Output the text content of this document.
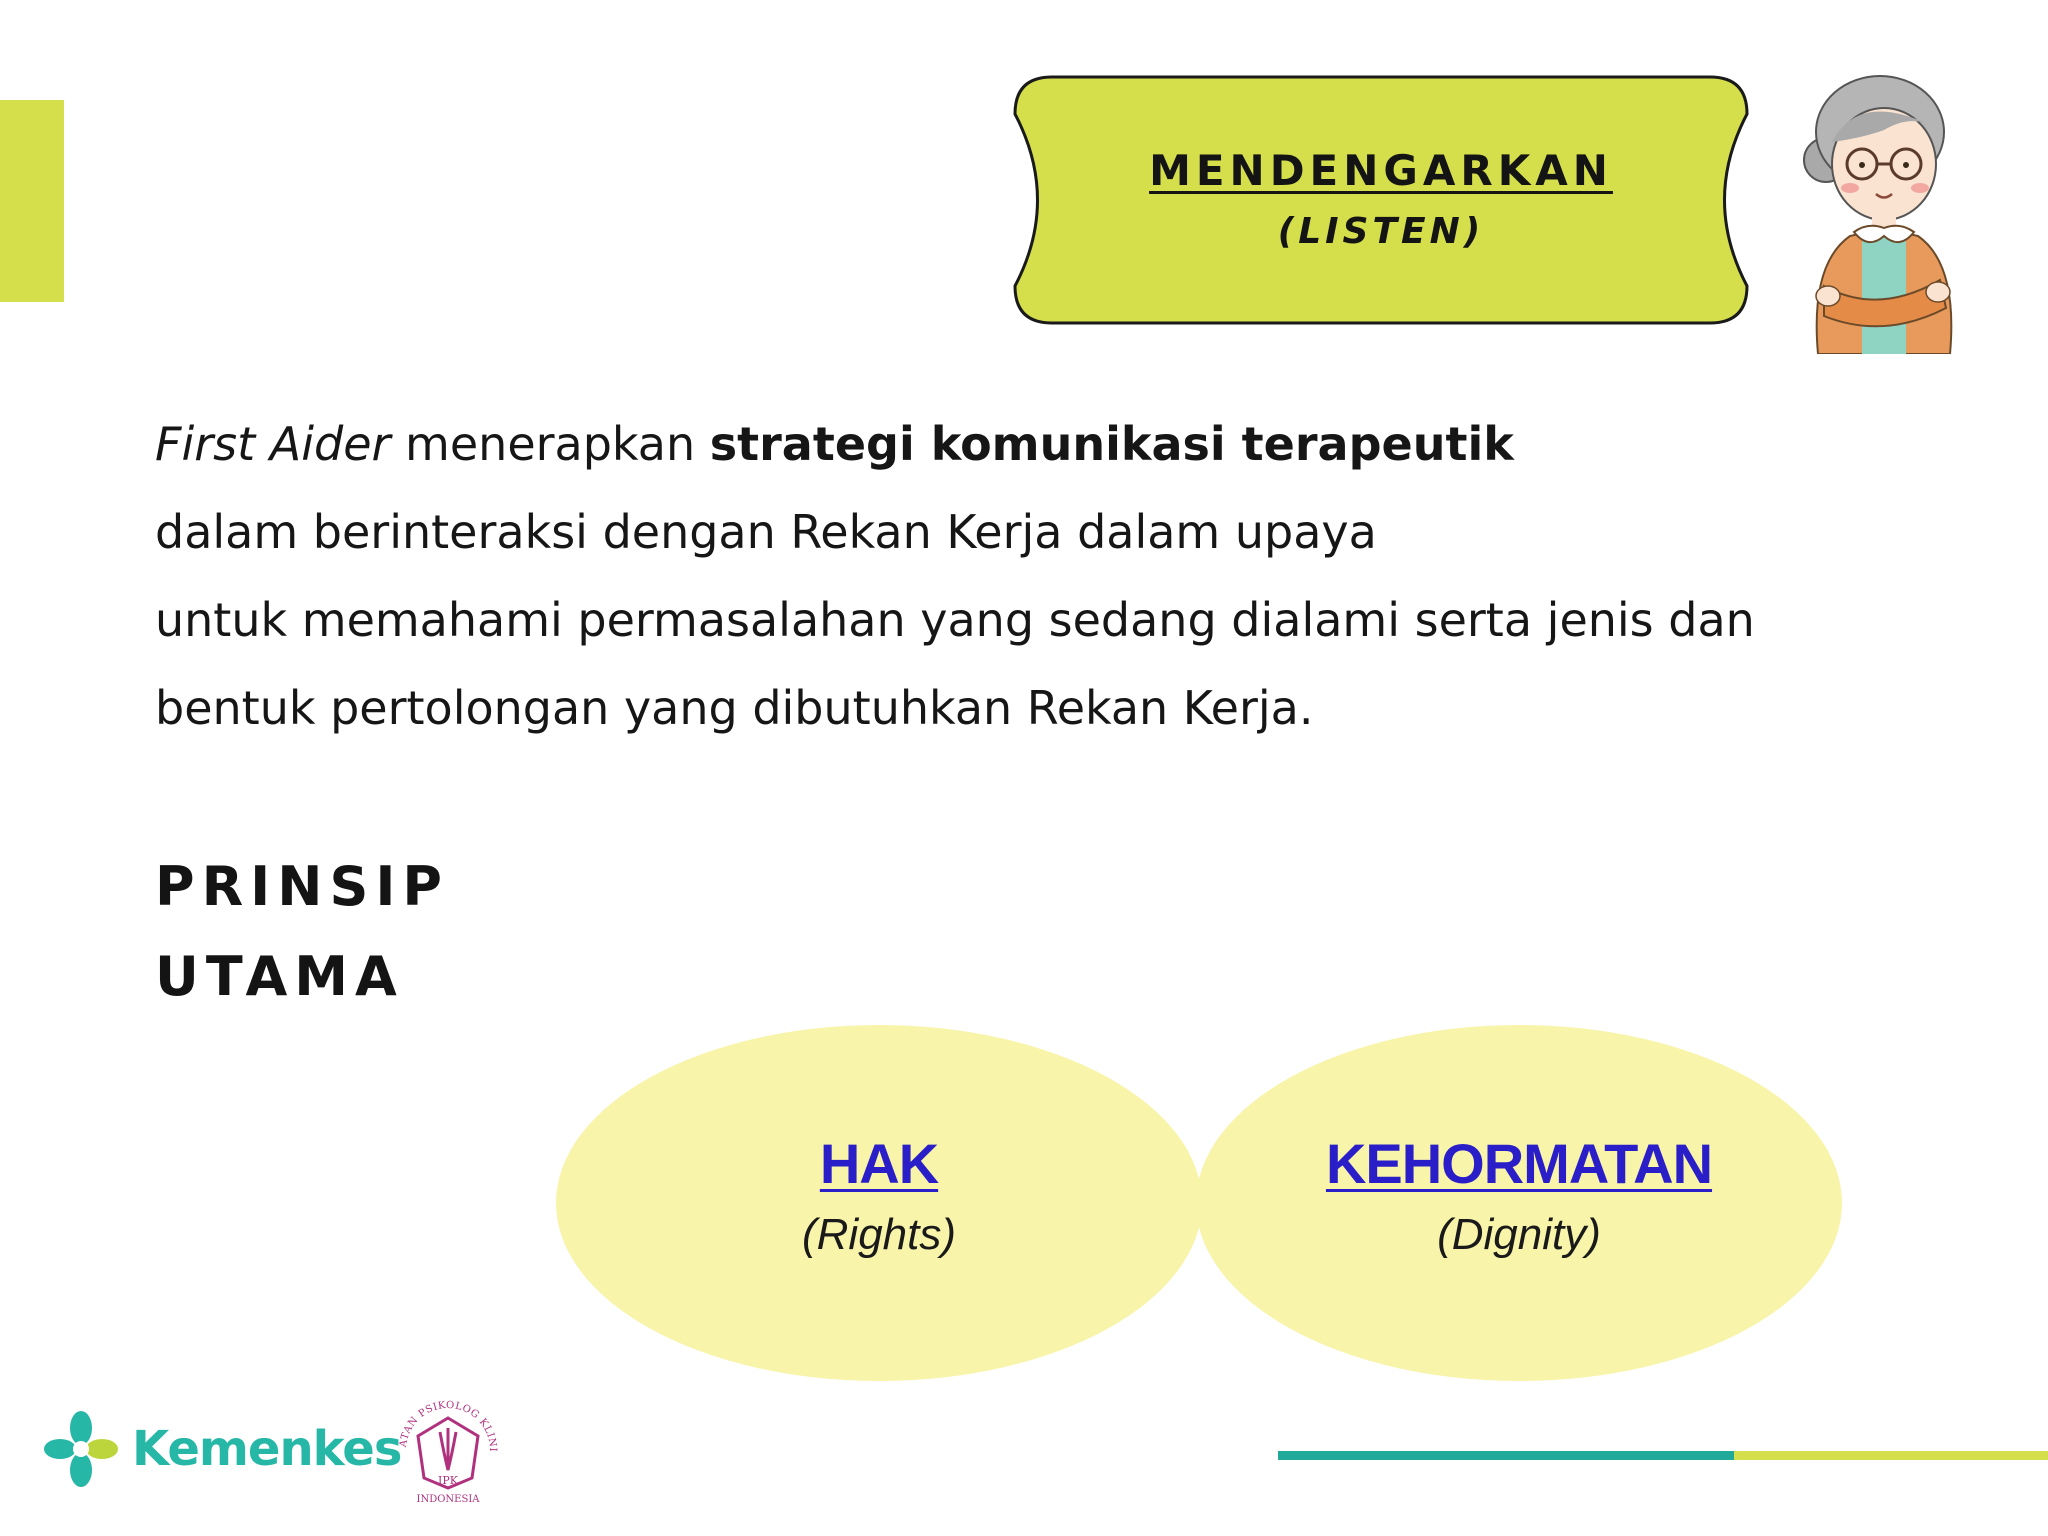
MENDENGARKAN
(LISTEN)
First Aider menerapkan strategi komunikasi terapeutik
dalam berinteraksi dengan Rekan Kerja dalam upaya
untuk memahami permasalahan yang sedang dialami serta jenis dan
bentuk pertolongan yang dibutuhkan Rekan Kerja.
PRINSIP
UTAMA
HAK
(Rights)
KEHORMATAN
(Dignity)
Kemenkes
ATAN PSIKOLOG KLINI
IPK
INDONESIA
